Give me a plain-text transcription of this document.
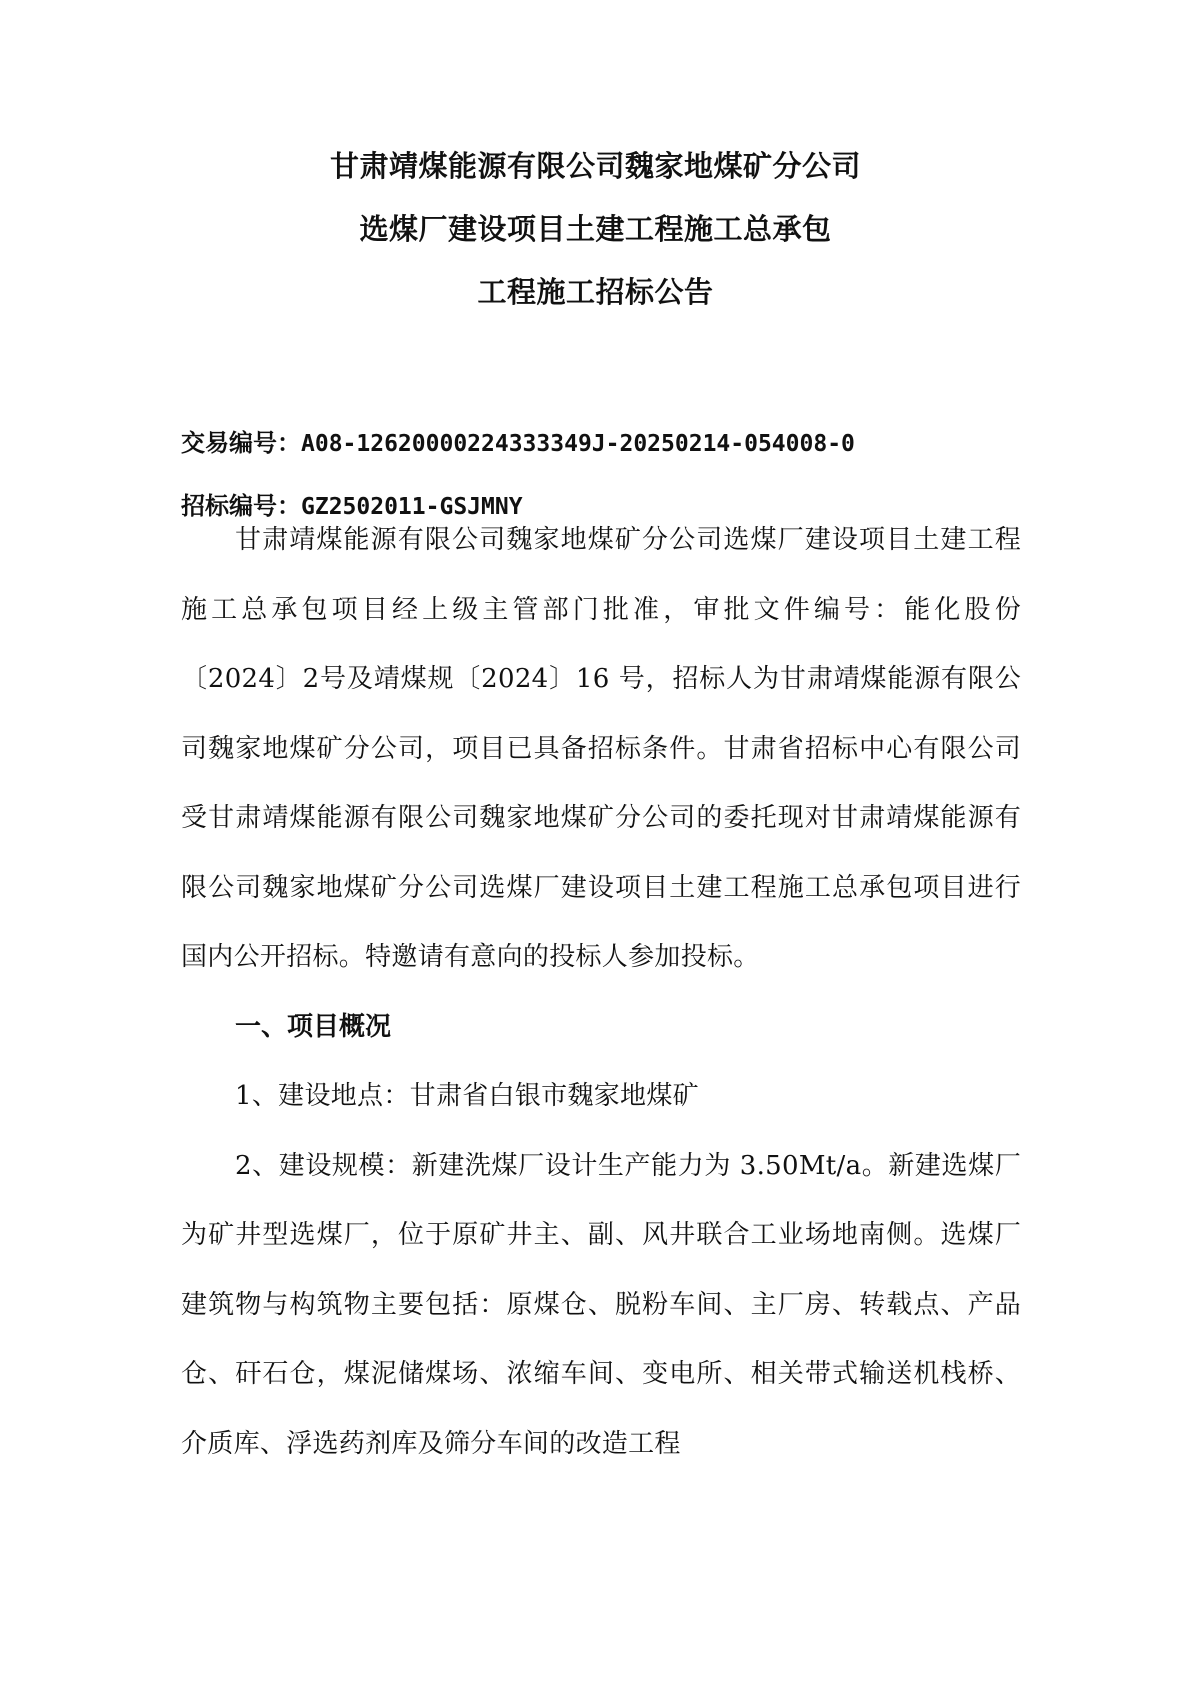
甘肃靖煤能源有限公司魏家地煤矿分公司
选煤厂建设项目土建工程施工总承包
工程施工招标公告
交易编号：A08-12620000224333349J-20250214-054008-0
招标编号：GZ2502011-GSJMNY

甘肃靖煤能源有限公司魏家地煤矿分公司选煤厂建设项目土建工程施工总承包项目经上级主管部门批准，审批文件编号：能化股份〔2024〕2号及靖煤规〔2024〕16 号，招标人为甘肃靖煤能源有限公司魏家地煤矿分公司，项目已具备招标条件。甘肃省招标中心有限公司受甘肃靖煤能源有限公司魏家地煤矿分公司的委托现对甘肃靖煤能源有限公司魏家地煤矿分公司选煤厂建设项目土建工程施工总承包项目进行国内公开招标。特邀请有意向的投标人参加投标。

一、项目概况

1、建设地点：甘肃省白银市魏家地煤矿

2、建设规模：新建洗煤厂设计生产能力为 3.50Mt/a。新建选煤厂为矿井型选煤厂，位于原矿井主、副、风井联合工业场地南侧。选煤厂建筑物与构筑物主要包括：原煤仓、脱粉车间、主厂房、转载点、产品仓、矸石仓，煤泥储煤场、浓缩车间、变电所、相关带式输送机栈桥、介质库、浮选药剂库及筛分车间的改造工程
